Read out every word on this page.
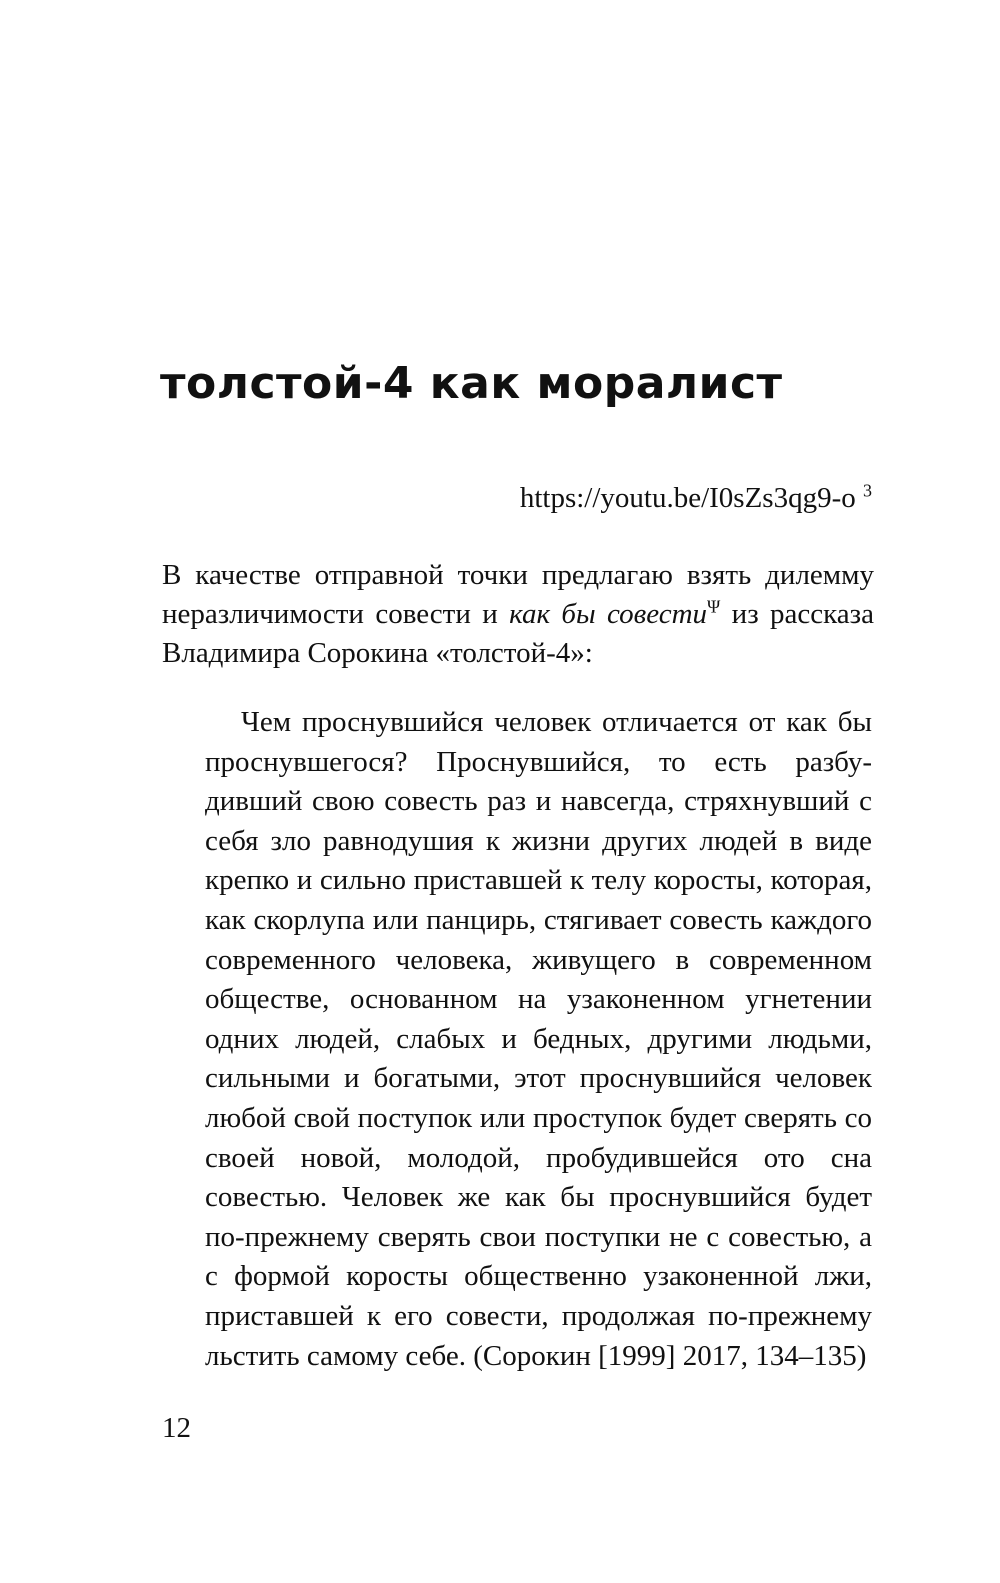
толстой-4 как моралист
https://youtu.be/I0sZs3qg9-o $^3$

В качестве отправной точки предлагаю взять дилемму неразличимости совести и как бы совести$^\Psi$ из рассказа Владимира Сорокина «толстой-4»:

Чем проснувшийся человек отличается от как бы проснувшегося? Проснувшийся, то есть разбудивший свою совесть раз и навсегда, стряхнувший с себя зло равнодушия к жизни других людей в виде крепко и сильно приставшей к телу коросты, которая, как скорлупа или панцирь, стягивает совесть каждого современного человека, живущего в современном обществе, основанном на узаконенном угнетении одних людей, слабых и бедных, другими людьми, сильными и богатыми, этот проснувшийся человек любой свой поступок или проступок будет сверять со своей новой, молодой, пробудившейся ото сна совестью. Человек же как бы проснувшийся будет по-прежнему сверять свои поступки не с совестью, а с формой коросты общественно узаконенной лжи, приставшей к его совести, продолжая по-прежнему льстить самому себе. (Сорокин [1999] 2017, 134–135)

12
